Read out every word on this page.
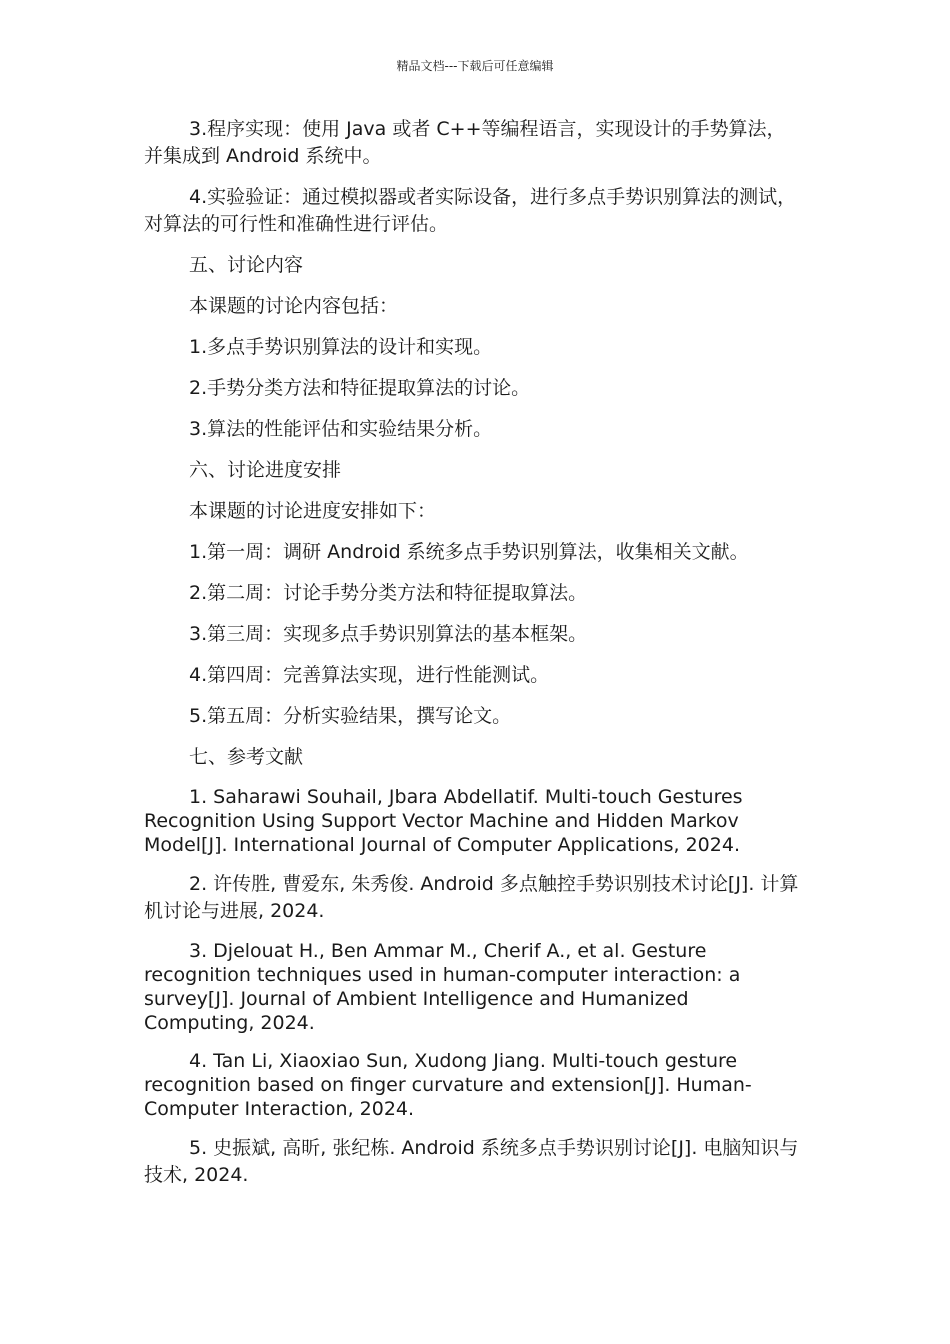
精品文档---下载后可任意编辑

3.程序实现：使用 Java 或者 C++等编程语言，实现设计的手势算法，并集成到 Android 系统中。

4.实验验证：通过模拟器或者实际设备，进行多点手势识别算法的测试，对算法的可行性和准确性进行评估。

五、讨论内容

本课题的讨论内容包括：

1.多点手势识别算法的设计和实现。

2.手势分类方法和特征提取算法的讨论。

3.算法的性能评估和实验结果分析。

六、讨论进度安排

本课题的讨论进度安排如下：

1.第一周：调研 Android 系统多点手势识别算法，收集相关文献。

2.第二周：讨论手势分类方法和特征提取算法。

3.第三周：实现多点手势识别算法的基本框架。

4.第四周：完善算法实现，进行性能测试。

5.第五周：分析实验结果，撰写论文。

七、参考文献

1. Saharawi Souhail, Jbara Abdellatif. Multi-touch Gestures Recognition Using Support Vector Machine and Hidden Markov Model[J]. International Journal of Computer Applications, 2024.

2. 许传胜, 曹爱东, 朱秀俊. Android 多点触控手势识别技术讨论[J]. 计算机讨论与进展, 2024.

3. Djelouat H., Ben Ammar M., Cherif A., et al. Gesture recognition techniques used in human-computer interaction: a survey[J]. Journal of Ambient Intelligence and Humanized Computing, 2024.

4. Tan Li, Xiaoxiao Sun, Xudong Jiang. Multi-touch gesture recognition based on finger curvature and extension[J]. Human-Computer Interaction, 2024.

5. 史振斌, 高昕, 张纪栋. Android 系统多点手势识别讨论[J]. 电脑知识与技术, 2024.
